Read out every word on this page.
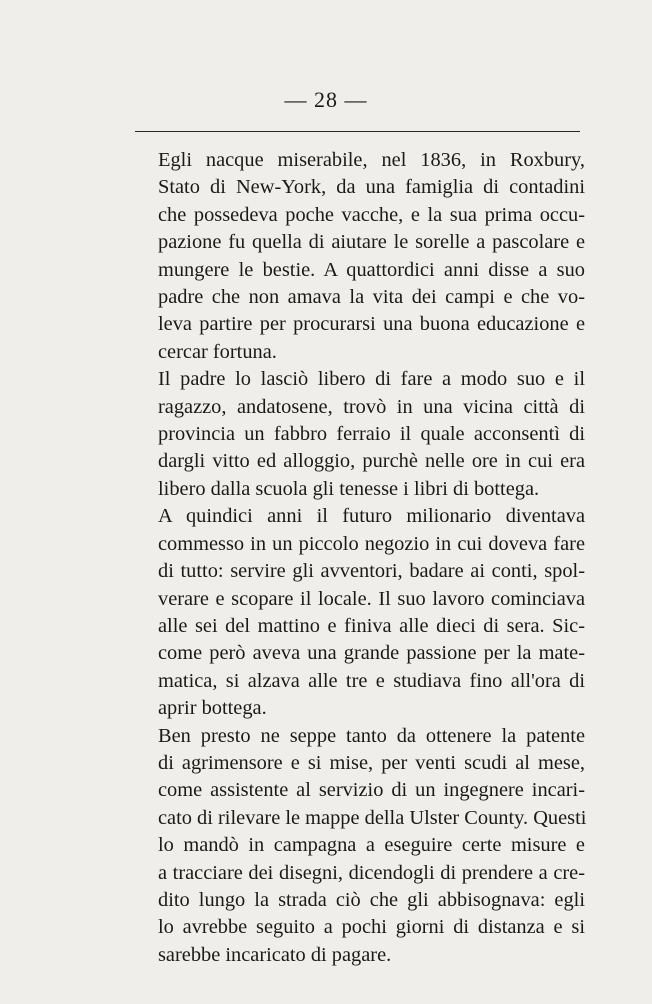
— 28 —

Egli nacque miserabile, nel 1836, in Roxbury,
Stato di New-York, da una famiglia di contadini
che possedeva poche vacche, e la sua prima occu-
pazione fu quella di aiutare le sorelle a pascolare e
mungere le bestie. A quattordici anni disse a suo
padre che non amava la vita dei campi e che vo-
leva partire per procurarsi una buona educazione e
cercar fortuna.

Il padre lo lasciò libero di fare a modo suo e il
ragazzo, andatosene, trovò in una vicina città di
provincia un fabbro ferraio il quale acconsentì di
dargli vitto ed alloggio, purchè nelle ore in cui era
libero dalla scuola gli tenesse i libri di bottega.

A quindici anni il futuro milionario diventava
commesso in un piccolo negozio in cui doveva fare
di tutto: servire gli avventori, badare ai conti, spol-
verare e scopare il locale. Il suo lavoro cominciava
alle sei del mattino e finiva alle dieci di sera. Sic-
come però aveva una grande passione per la mate-
matica, si alzava alle tre e studiava fino all'ora di
aprir bottega.

Ben presto ne seppe tanto da ottenere la patente
di agrimensore e si mise, per venti scudi al mese,
come assistente al servizio di un ingegnere incari-
cato di rilevare le mappe della Ulster County. Questi
lo mandò in campagna a eseguire certe misure e
a tracciare dei disegni, dicendogli di prendere a cre-
dito lungo la strada ciò che gli abbisognava: egli
lo avrebbe seguito a pochi giorni di distanza e si
sarebbe incaricato di pagare.
